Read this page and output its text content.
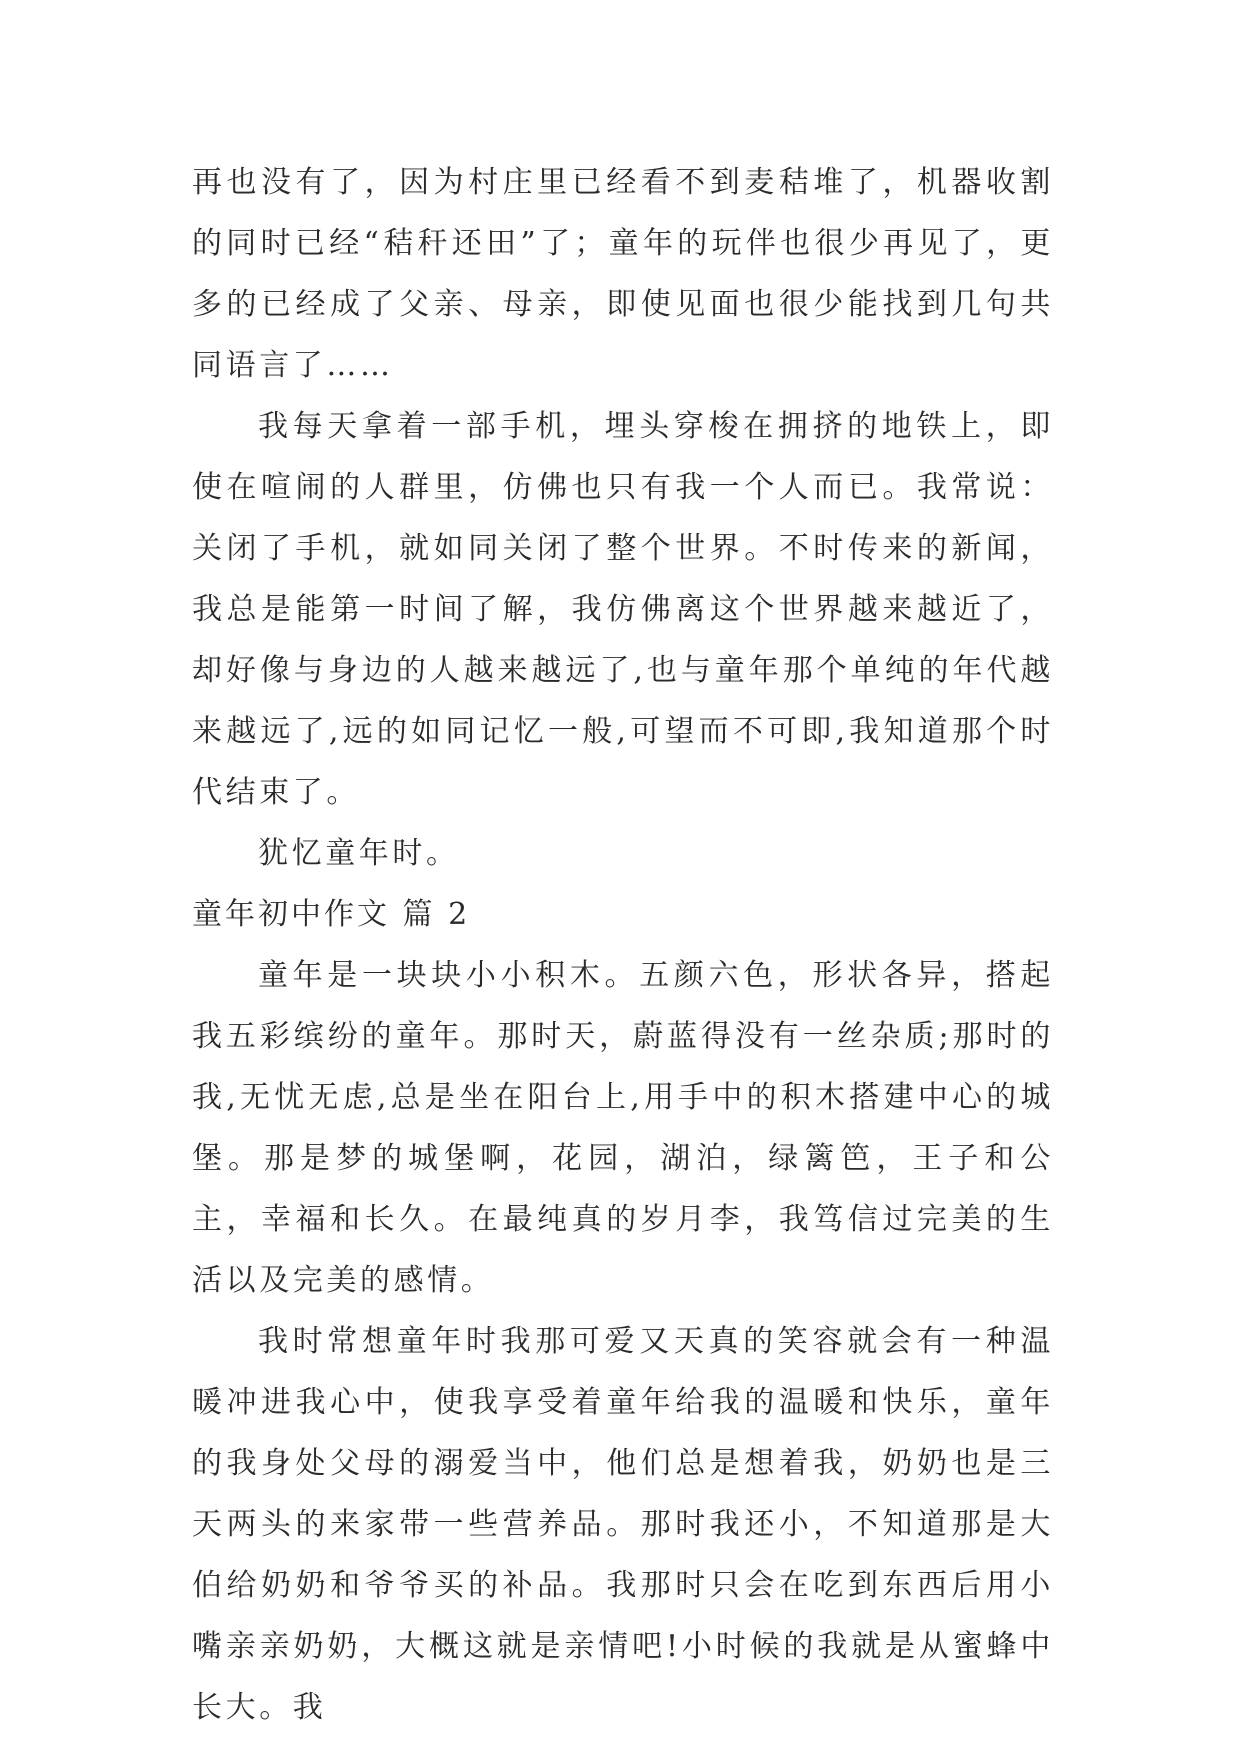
再也没有了，因为村庄里已经看不到麦秸堆了，机器收割的同时已经“秸秆还田”了；童年的玩伴也很少再见了，更多的已经成了父亲、母亲，即使见面也很少能找到几句共同语言了……

我每天拿着一部手机，埋头穿梭在拥挤的地铁上，即使在喧闹的人群里，仿佛也只有我一个人而已。我常说：关闭了手机，就如同关闭了整个世界。不时传来的新闻，我总是能第一时间了解，我仿佛离这个世界越来越近了，却好像与身边的人越来越远了,也与童年那个单纯的年代越来越远了,远的如同记忆一般,可望而不可即,我知道那个时代结束了。

犹忆童年时。

童年初中作文 篇 2

童年是一块块小小积木。五颜六色，形状各异，搭起我五彩缤纷的童年。那时天，蔚蓝得没有一丝杂质;那时的我,无忧无虑,总是坐在阳台上,用手中的积木搭建中心的城堡。那是梦的城堡啊，花园，湖泊，绿篱笆，王子和公主，幸福和长久。在最纯真的岁月李，我笃信过完美的生活以及完美的感情。

我时常想童年时我那可爱又天真的笑容就会有一种温暖冲进我心中，使我享受着童年给我的温暖和快乐，童年的我身处父母的溺爱当中，他们总是想着我，奶奶也是三天两头的来家带一些营养品。那时我还小，不知道那是大伯给奶奶和爷爷买的补品。我那时只会在吃到东西后用小嘴亲亲奶奶，大概这就是亲情吧!小时候的我就是从蜜蜂中长大。我
